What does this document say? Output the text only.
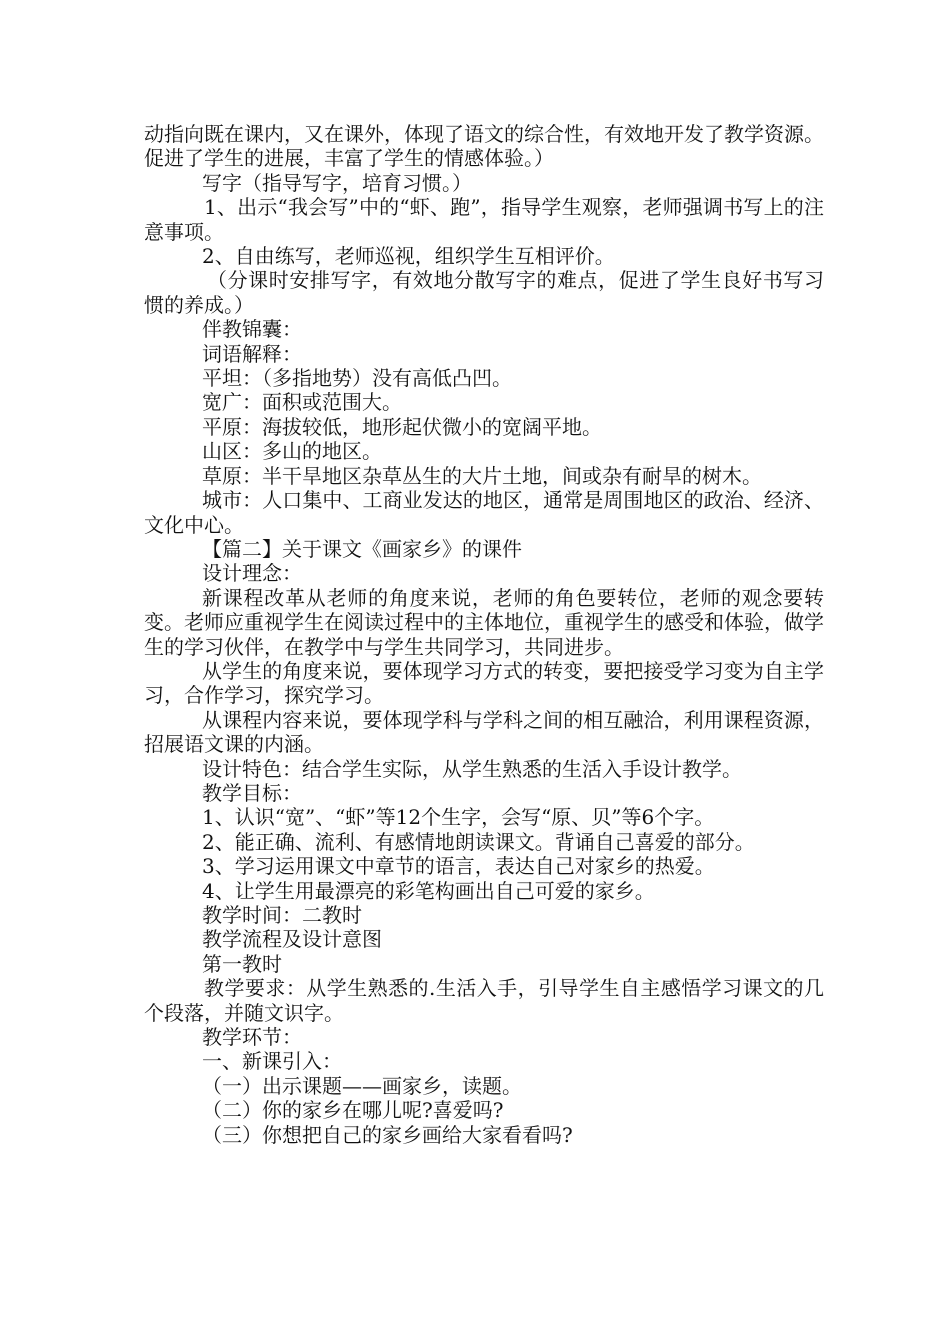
动指向既在课内，又在课外，体现了语文的综合性，有效地开发了教学资源。促进了学生的进展，丰富了学生的情感体验。）

写字（指导写字，培育习惯。）

1、出示“我会写”中的“虾、跑”，指导学生观察，老师强调书写上的注意事项。

2、自由练写，老师巡视，组织学生互相评价。

（分课时安排写字，有效地分散写字的难点，促进了学生良好书写习惯的养成。）

伴教锦囊：

词语解释：

平坦：（多指地势）没有高低凸凹。

宽广：面积或范围大。

平原：海拔较低，地形起伏微小的宽阔平地。

山区：多山的地区。

草原：半干旱地区杂草丛生的大片土地，间或杂有耐旱的树木。

城市：人口集中、工商业发达的地区，通常是周围地区的政治、经济、文化中心。

【篇二】关于课文《画家乡》的课件

设计理念：

新课程改革从老师的角度来说，老师的角色要转位，老师的观念要转变。老师应重视学生在阅读过程中的主体地位，重视学生的感受和体验，做学生的学习伙伴，在教学中与学生共同学习，共同进步。

从学生的角度来说，要体现学习方式的转变，要把接受学习变为自主学习，合作学习，探究学习。

从课程内容来说，要体现学科与学科之间的相互融洽，利用课程资源，招展语文课的内涵。

设计特色：结合学生实际，从学生熟悉的生活入手设计教学。

教学目标：

1、认识“宽”、“虾”等12个生字，会写“原、贝”等6个字。

2、能正确、流利、有感情地朗读课文。背诵自己喜爱的部分。

3、学习运用课文中章节的语言，表达自己对家乡的热爱。

4、让学生用最漂亮的彩笔构画出自己可爱的家乡。

教学时间：二教时

教学流程及设计意图

第一教时

教学要求：从学生熟悉的.生活入手，引导学生自主感悟学习课文的几个段落，并随文识字。

教学环节：

一、新课引入：

（一）出示课题——画家乡，读题。

（二）你的家乡在哪儿呢?喜爱吗?

（三）你想把自己的家乡画给大家看看吗?
